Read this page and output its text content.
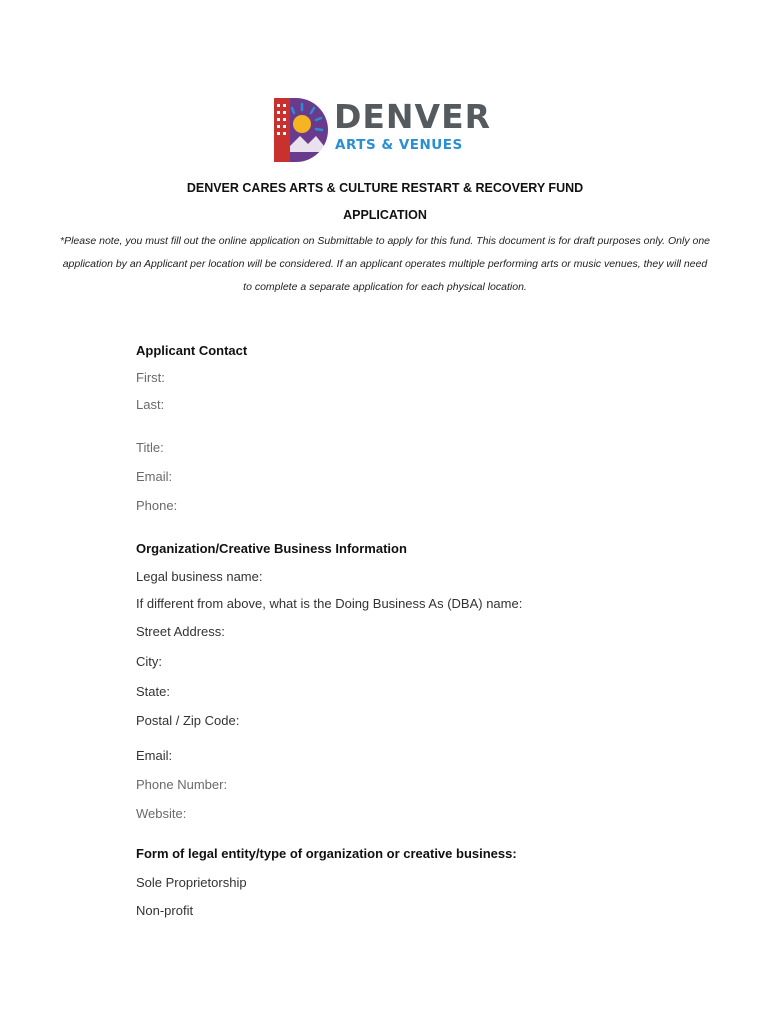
DENVER
ARTS & VENUES
DENVER CARES ARTS & CULTURE RESTART & RECOVERY FUND
APPLICATION
*Please note, you must fill out the online application on Submittable to apply for this fund. This document is for draft purposes only. Only one application by an Applicant per location will be considered. If an applicant operates multiple performing arts or music venues, they will need to complete a separate application for each physical location.
Applicant Contact
First:
Last:
Title:
Email:
Phone:
Organization/Creative Business Information
Legal business name:
If different from above, what is the Doing Business As (DBA) name:
Street Address:
City:
State:
Postal / Zip Code:
Email:
Phone Number:
Website:
Form of legal entity/type of organization or creative business:
Sole Proprietorship
Non-profit
